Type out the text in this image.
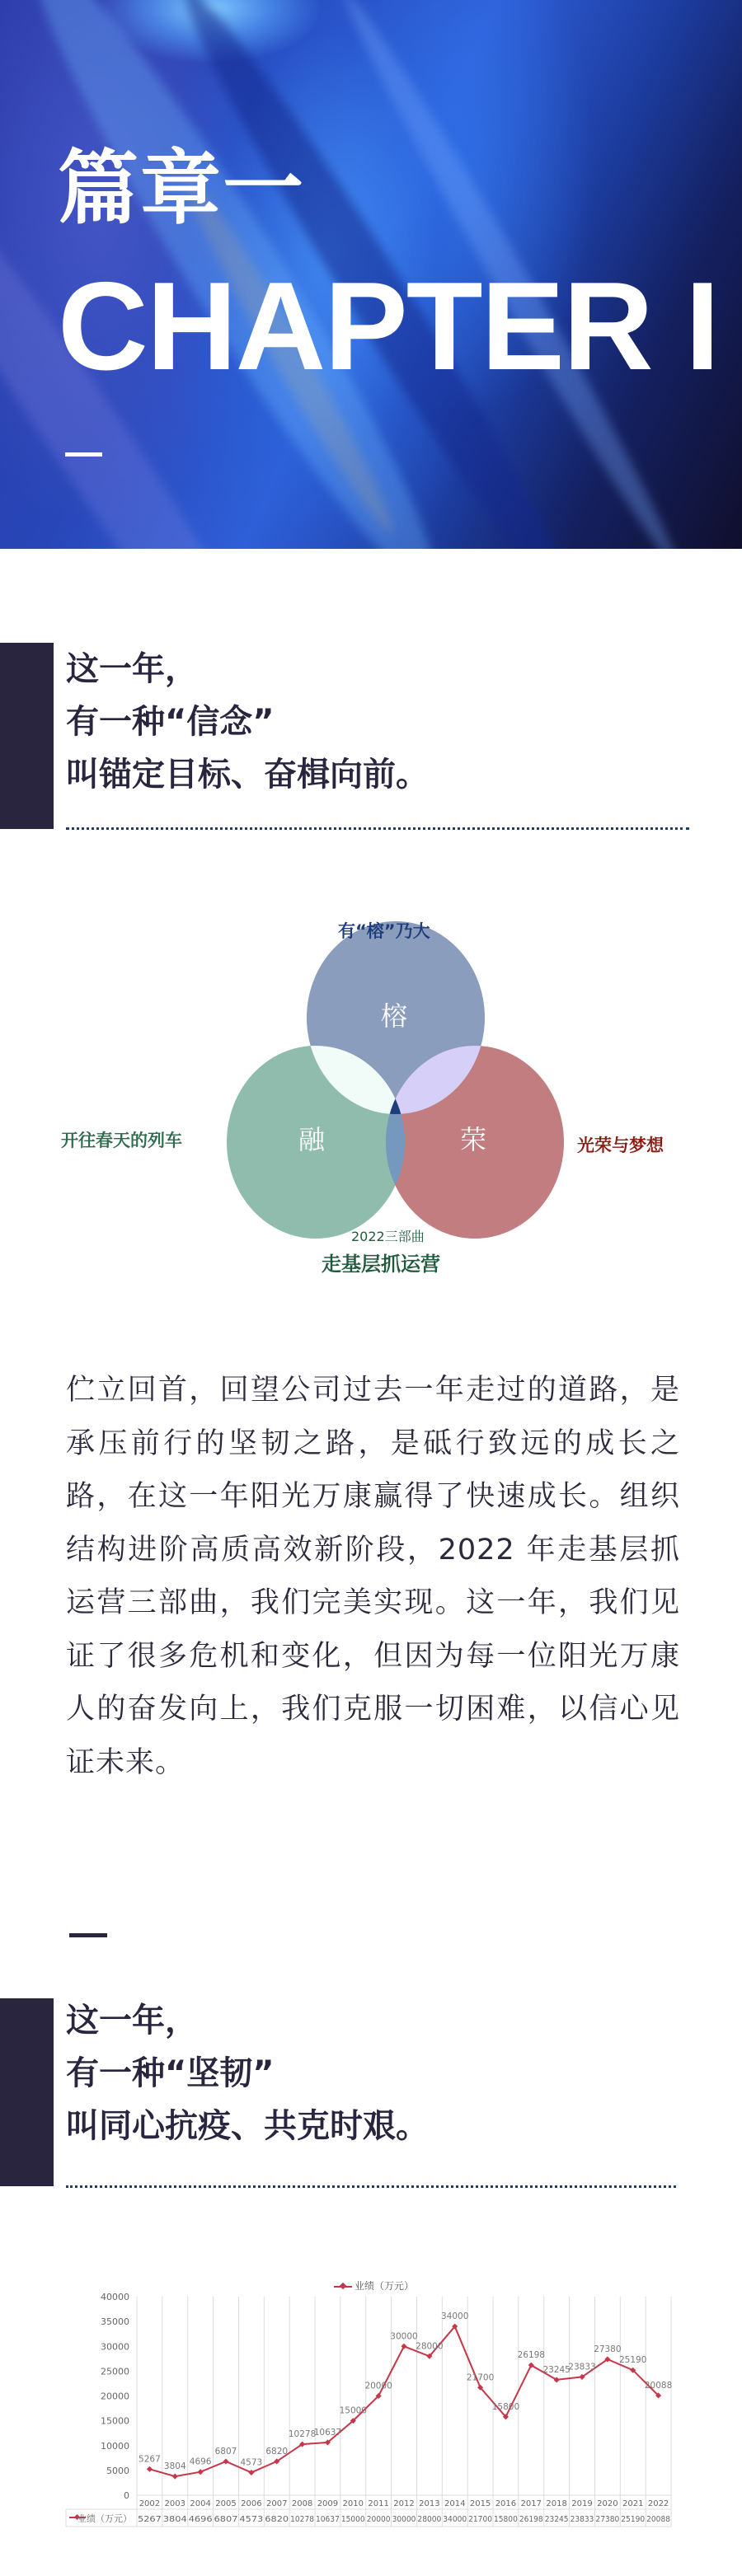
篇章一
CHAPTER I
这一年，
有一种“信念”
叫锚定目标、奋楫向前。
榕
融	荣
有“榕”乃大
开往春天的列车	光荣与梦想
2022三部曲
走基层抓运营

伫立回首，回望公司过去一年走过的道路，是承压前行的坚韧之路，是砥行致远的成长之路，在这一年阳光万康赢得了快速成长。组织结构进阶高质高效新阶段，2022 年走基层抓运营三部曲，我们完美实现。这一年，我们见证了很多危机和变化，但因为每一位阳光万康人的奋发向上，我们克服一切困难，以信心见证未来。

这一年，
有一种“坚韧”
叫同心抗疫、共克时艰。
业绩（万元）
0
5000
10000
15000
20000
25000
30000
35000
40000
2002
5267
2003
3804
2004
4696
2005
6807
2006
4573
2007
6820
2008
10278
2009
10637
2010
15000
2011
20000
2012
30000
2013
28000
2014
34000
2015
21700
2016
15800
2017
26198
2018
23245
2019
23833
2020
27380
2021
25190
2022
20088
业绩（万元）
5267
3804 4696
6807
4573
6820
10278
10637
15000
20000
30000
28000
34000
21700
15800
26198
23245
23833
27380
25190
20088
